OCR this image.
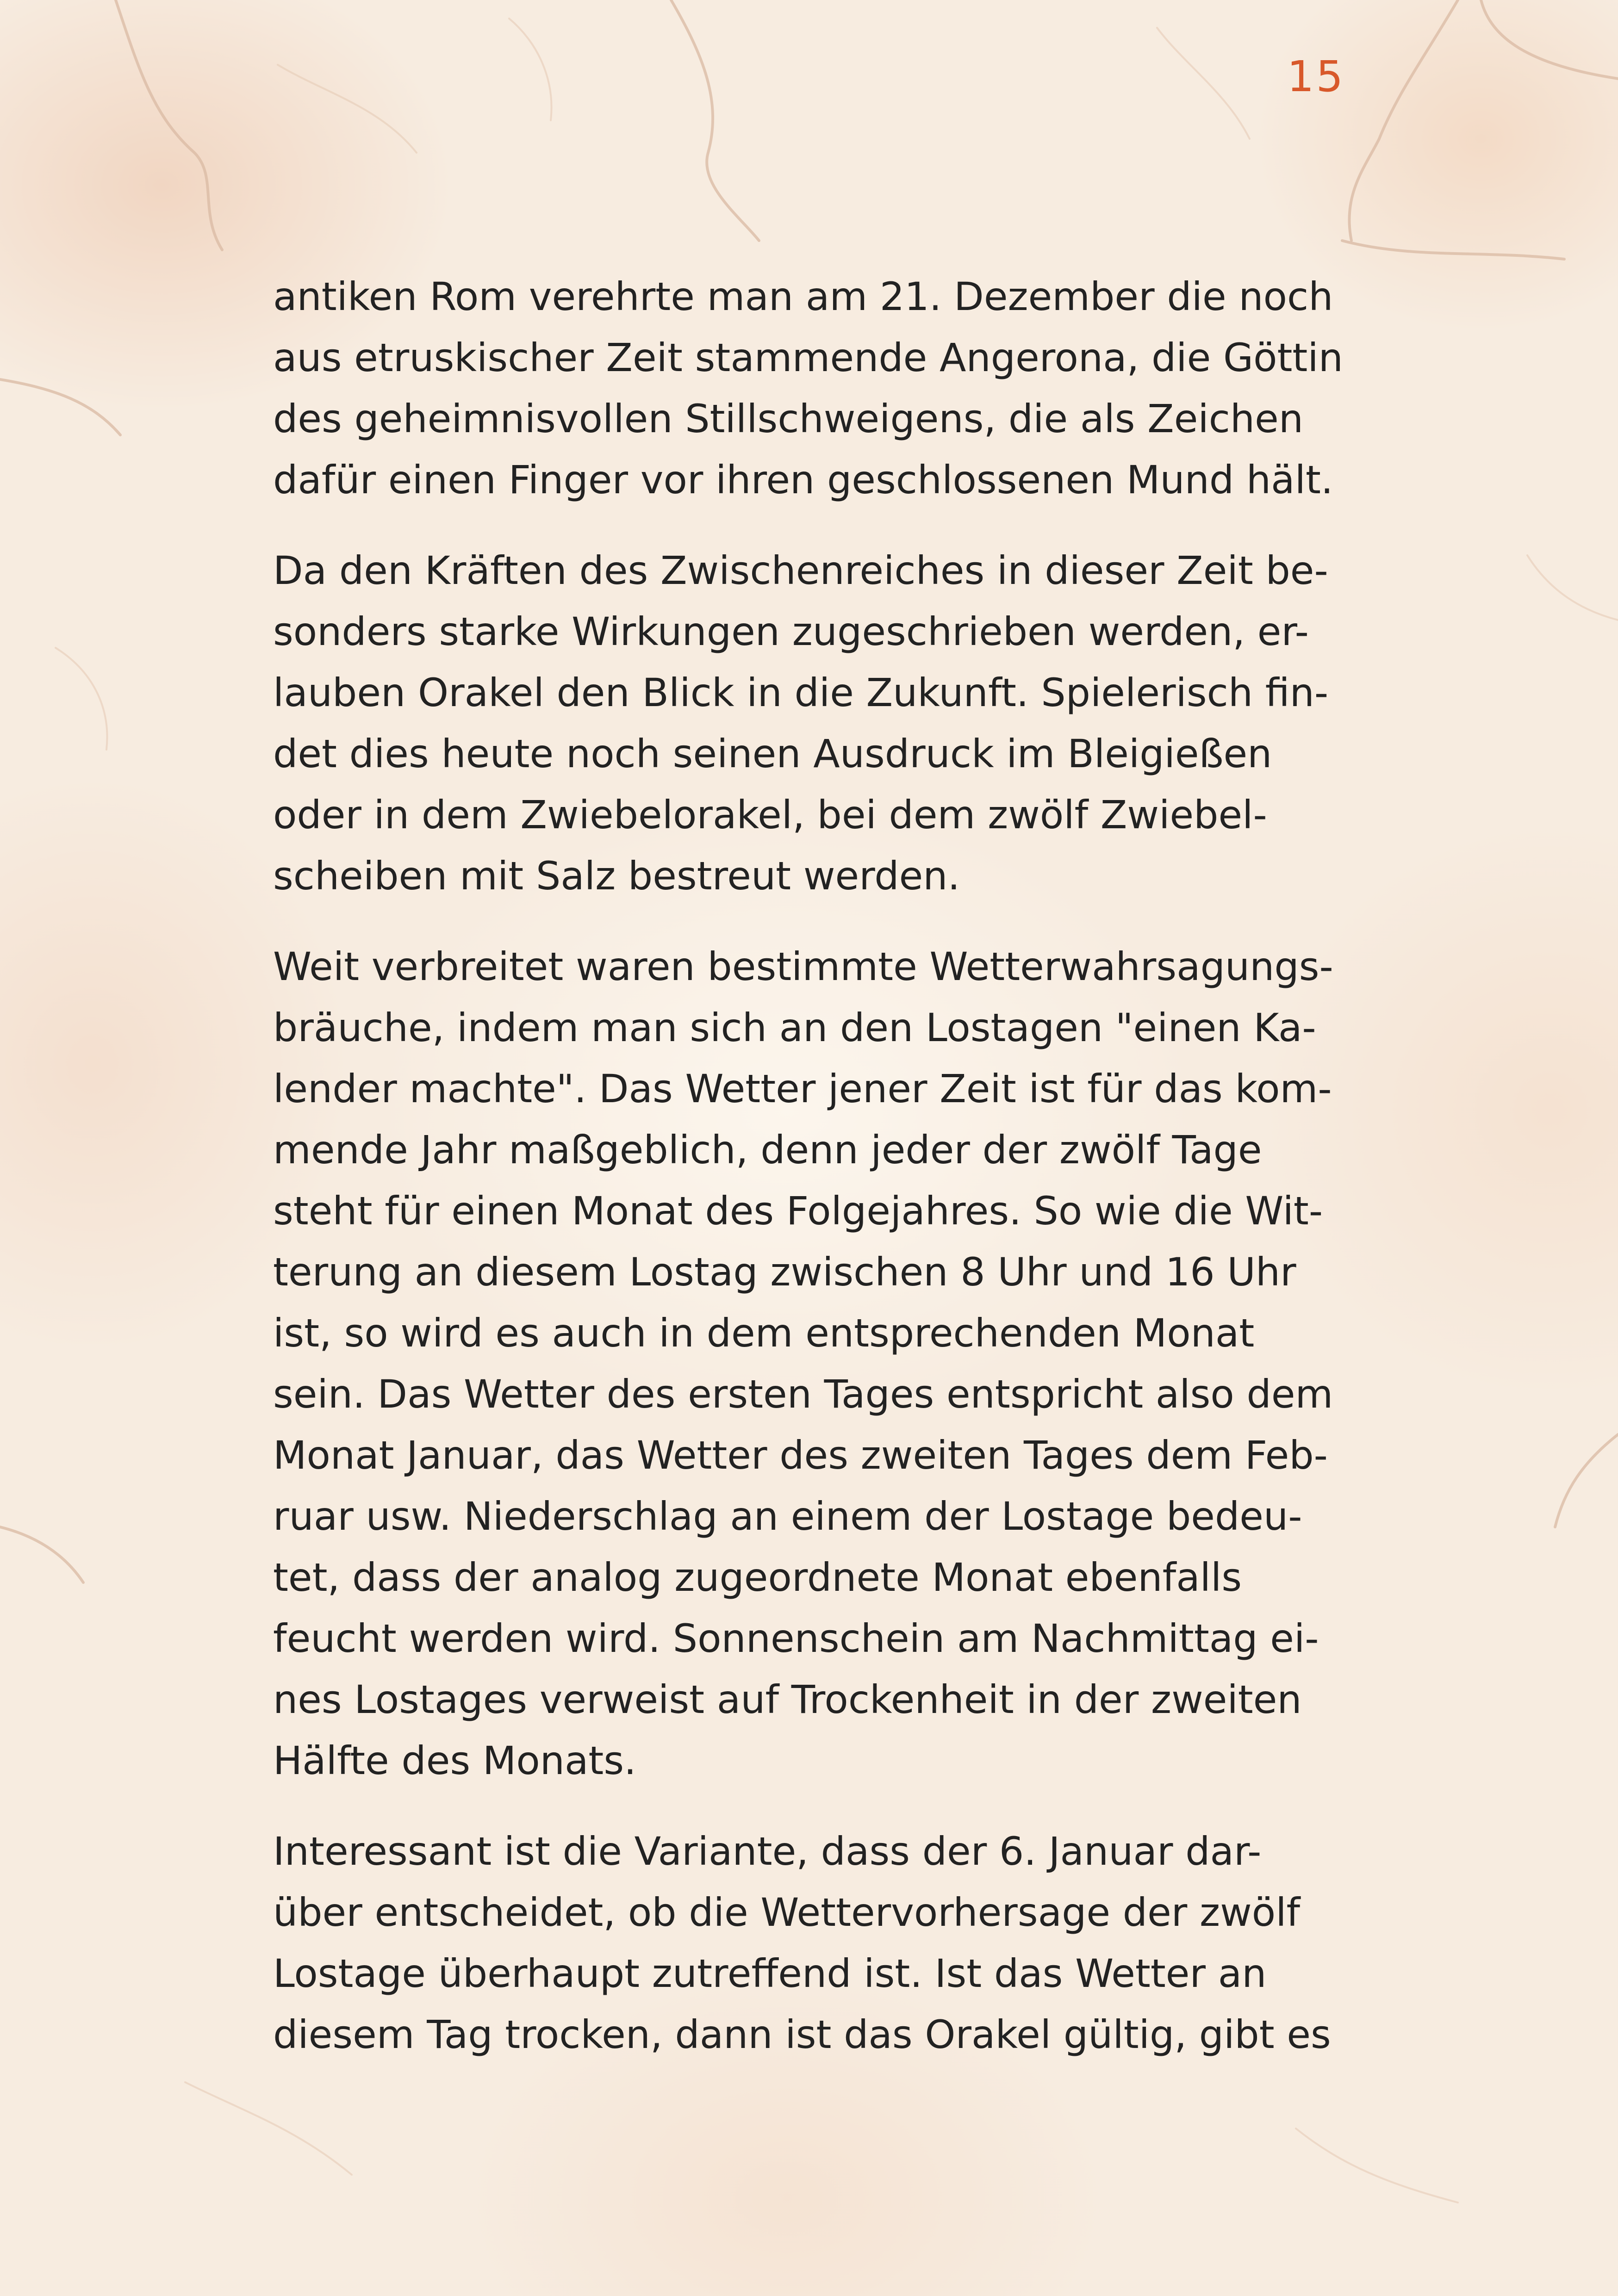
15

antiken Rom verehrte man am 21. Dezember die noch
aus etruskischer Zeit stammende Angerona, die Göttin
des geheimnisvollen Stillschweigens, die als Zeichen
dafür einen Finger vor ihren geschlossenen Mund hält.

Da den Kräften des Zwischenreiches in dieser Zeit be-
sonders starke Wirkungen zugeschrieben werden, er-
lauben Orakel den Blick in die Zukunft. Spielerisch fin-
det dies heute noch seinen Ausdruck im Bleigießen
oder in dem Zwiebelorakel, bei dem zwölf Zwiebel-
scheiben mit Salz bestreut werden.

Weit verbreitet waren bestimmte Wetterwahrsagungs-
bräuche, indem man sich an den Lostagen "einen Ka-
lender machte". Das Wetter jener Zeit ist für das kom-
mende Jahr maßgeblich, denn jeder der zwölf Tage
steht für einen Monat des Folgejahres. So wie die Wit-
terung an diesem Lostag zwischen 8 Uhr und 16 Uhr
ist, so wird es auch in dem entsprechenden Monat
sein. Das Wetter des ersten Tages entspricht also dem
Monat Januar, das Wetter des zweiten Tages dem Feb-
ruar usw. Niederschlag an einem der Lostage bedeu-
tet, dass der analog zugeordnete Monat ebenfalls
feucht werden wird. Sonnenschein am Nachmittag ei-
nes Lostages verweist auf Trockenheit in der zweiten
Hälfte des Monats.

Interessant ist die Variante, dass der 6. Januar dar-
über entscheidet, ob die Wettervorhersage der zwölf
Lostage überhaupt zutreffend ist. Ist das Wetter an
diesem Tag trocken, dann ist das Orakel gültig, gibt es
